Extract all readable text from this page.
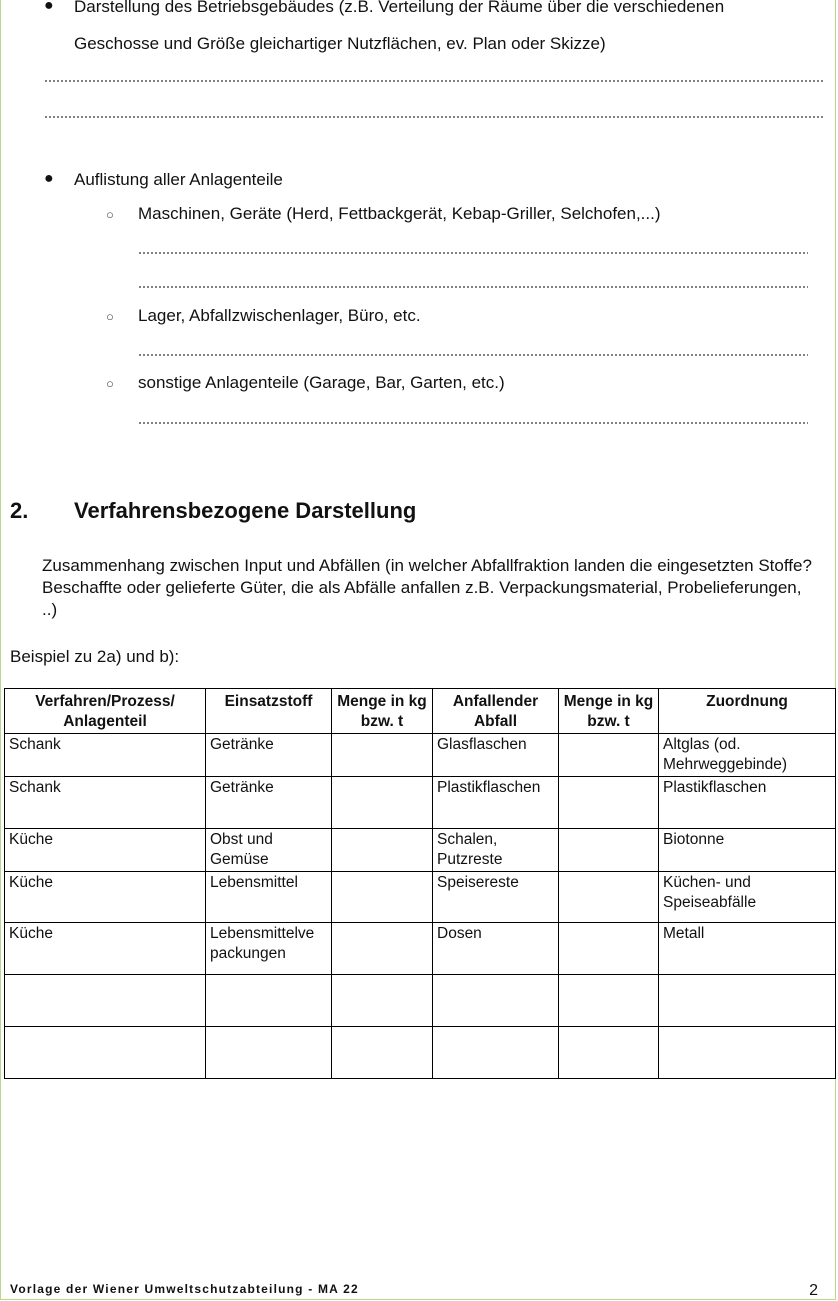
● Darstellung des Betriebsgebäudes (z.B. Verteilung der Räume über die verschiedenen
Geschosse und Größe gleichartiger Nutzflächen, ev. Plan oder Skizze)
● Auflistung aller Anlagenteile
○ Maschinen, Geräte (Herd, Fettbackgerät, Kebap-Griller, Selchofen,...)
○ Lager, Abfallzwischenlager, Büro, etc.
○ sonstige Anlagenteile (Garage, Bar, Garten, etc.)
2. Verfahrensbezogene Darstellung
Zusammenhang zwischen Input und Abfällen (in welcher Abfallfraktion landen die eingesetzten Stoffe? Beschaffte oder gelieferte Güter, die als Abfälle anfallen z.B. Verpackungsmaterial, Probelieferungen, ..)
Beispiel zu 2a) und b):
Verfahren/Prozess/ Anlagenteil	Einsatzstoff	Menge in kg bzw. t	Anfallender Abfall	Menge in kg bzw. t	Zuordnung
Schank	Getränke		Glasflaschen		Altglas (od. Mehrweggebinde)
Schank	Getränke		Plastikflaschen		Plastikflaschen
Küche	Obst und Gemüse		Schalen, Putzreste		Biotonne
Küche	Lebensmittel		Speisereste		Küchen- und Speiseabfälle
Küche	Lebensmittelve packungen		Dosen		Metall

Vorlage der Wiener Umweltschutzabteilung - MA 22	2
